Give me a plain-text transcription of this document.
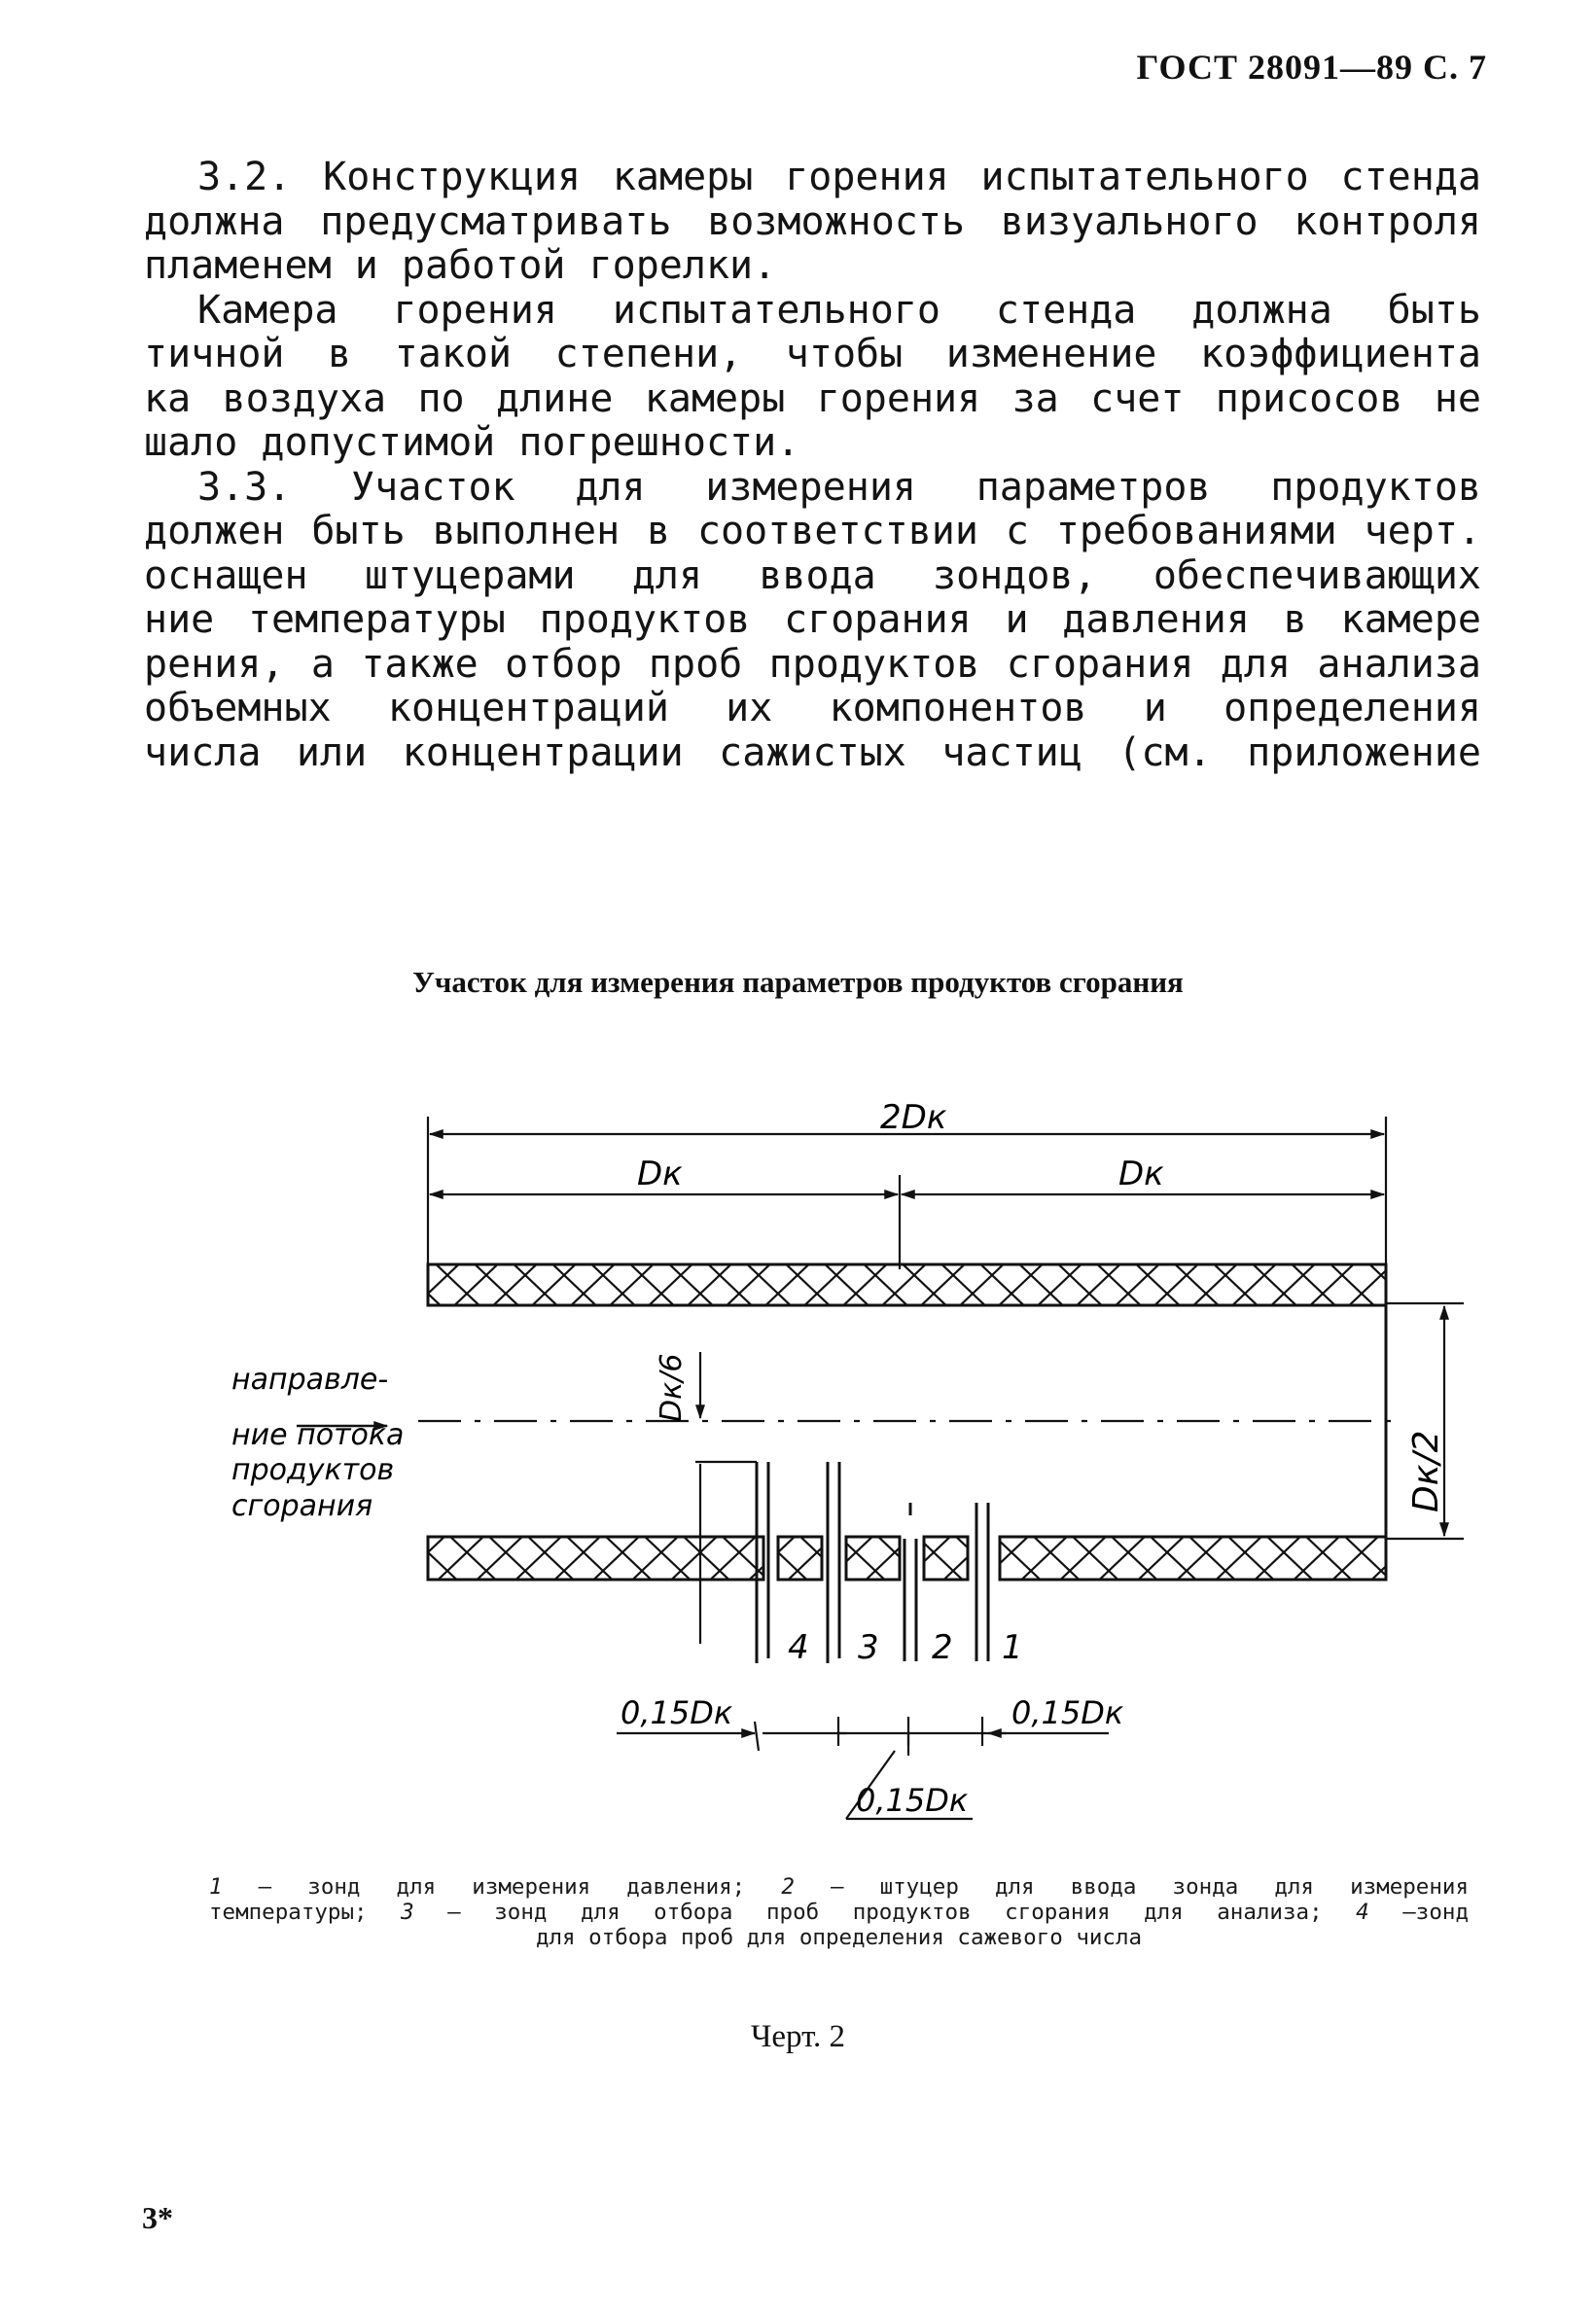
ГОСТ 28091—89 С. 7
3.2. Конструкция камеры горения испытательного стенда
должна предусматривать возможность визуального контроля
пламенем и работой горелки.
Камера горения испытательного стенда должна быть
тичной в такой степени, чтобы изменение коэффициента
ка воздуха по длине камеры горения за счет присосов не
шало допустимой погрешности.
3.3. Участок для измерения параметров продуктов
должен быть выполнен в соответствии с требованиями черт.
оснащен штуцерами для ввода зондов, обеспечивающих
ние температуры продуктов сгорания и давления в камере
рения, а также отбор проб продуктов сгорания для анализа
объемных концентраций их компонентов и определения
числа или концентрации сажистых частиц (см. приложение
Участок для измерения параметров продуктов сгорания
2Dк
Dк	Dк
Dк/6
Dк/2
направле-
ние потока
продуктов
сгорания
4 3 2 1
0,15Dк	0,15Dк
0,15Dк
1 — зонд для измерения давления; 2 — штуцер для ввода зонда для измерения
температуры; 3 — зонд для отбора проб продуктов сгорания для анализа; 4 —зонд
для отбора проб для определения сажевого числа
Черт. 2
3*
